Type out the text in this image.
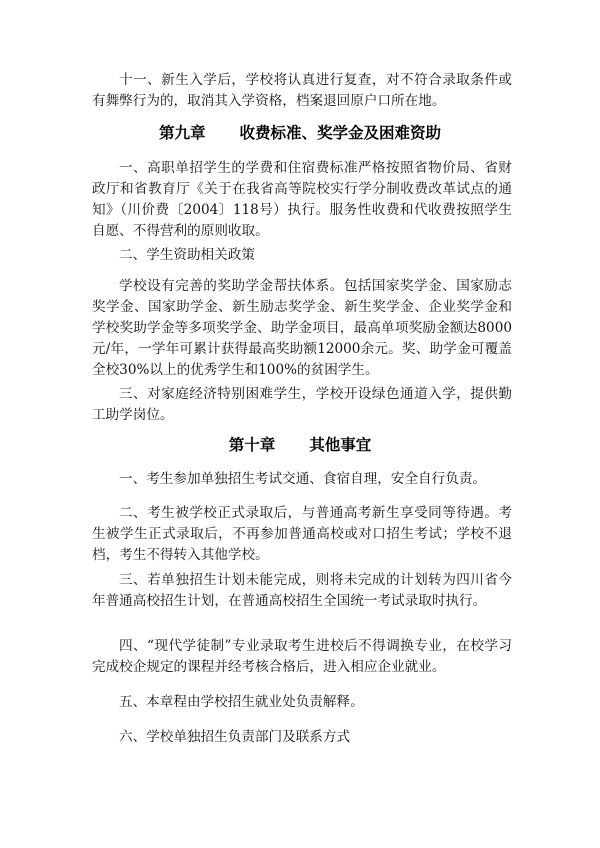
十一、新生入学后，学校将认真进行复查，对不符合录取条件或有舞弊行为的，取消其入学资格，档案退回原户口所在地。

第九章 收费标准、奖学金及困难资助

一、高职单招学生的学费和住宿费标准严格按照省物价局、省财政厅和省教育厅《关于在我省高等院校实行学分制收费改革试点的通知》（川价费〔2004〕118号）执行。服务性收费和代收费按照学生自愿、不得营利的原则收取。

二、学生资助相关政策

学校设有完善的奖助学金帮扶体系。包括国家奖学金、国家励志奖学金、国家助学金、新生励志奖学金、新生奖学金、企业奖学金和学校奖助学金等多项奖学金、助学金项目，最高单项奖励金额达8000元/年，一学年可累计获得最高奖助额12000余元。奖、助学金可覆盖全校30%以上的优秀学生和100%的贫困学生。

三、对家庭经济特别困难学生，学校开设绿色通道入学，提供勤工助学岗位。

第十章 其他事宜

一、考生参加单独招生考试交通、食宿自理，安全自行负责。

二、考生被学校正式录取后，与普通高考新生享受同等待遇。考生被学生正式录取后，不再参加普通高校或对口招生考试；学校不退档，考生不得转入其他学校。

三、若单独招生计划未能完成，则将未完成的计划转为四川省今年普通高校招生计划，在普通高校招生全国统一考试录取时执行。

四、“现代学徒制”专业录取考生进校后不得调换专业，在校学习完成校企规定的课程并经考核合格后，进入相应企业就业。

五、本章程由学校招生就业处负责解释。

六、学校单独招生负责部门及联系方式
